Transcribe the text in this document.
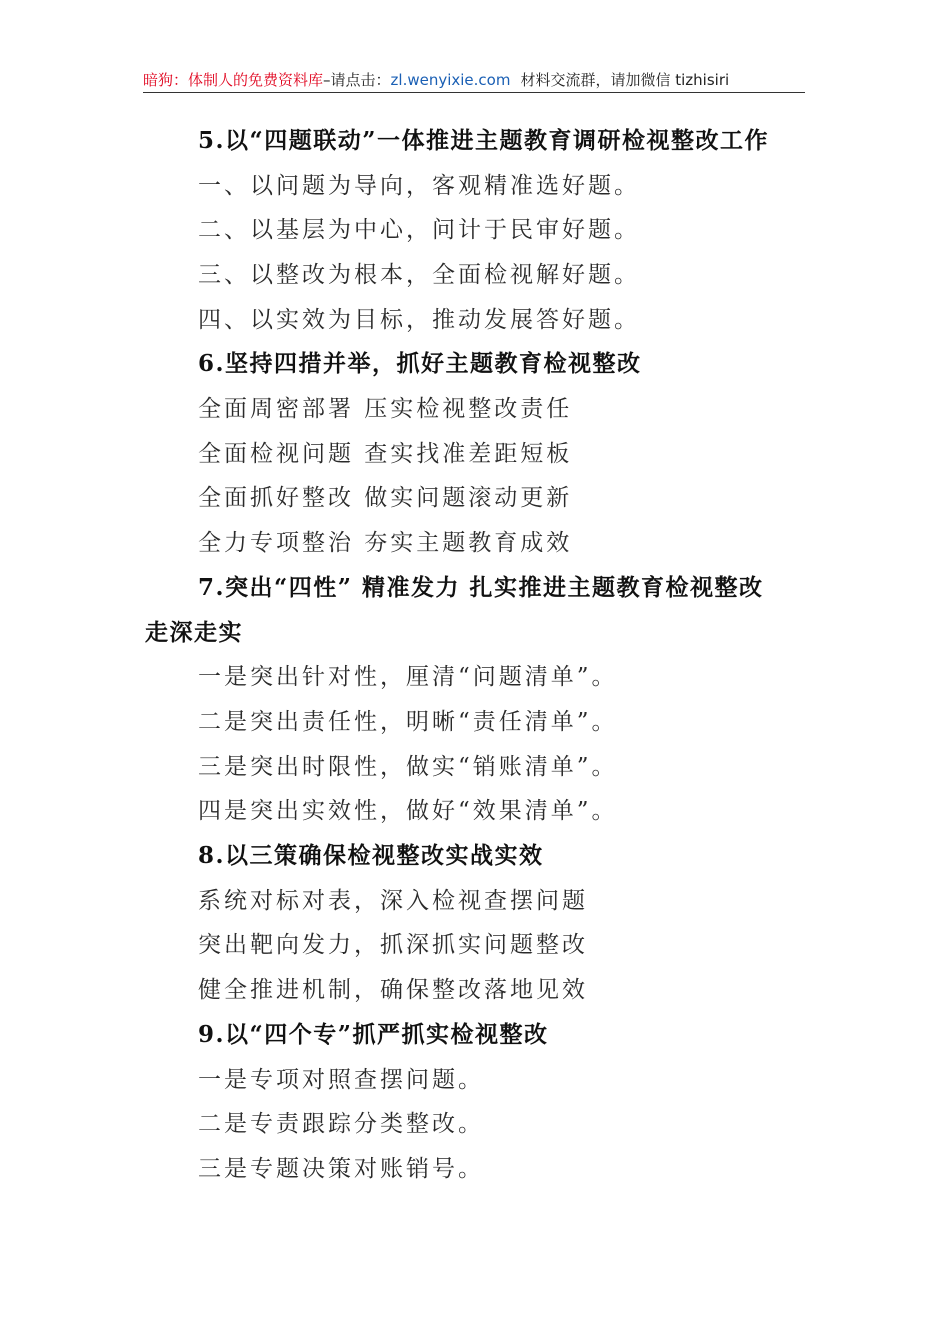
暗狗：体制人的免费资料库–请点击：zl.wenyixie.com 材料交流群，请加微信 tizhisiri
5.以“四题联动”一体推进主题教育调研检视整改工作
一、以问题为导向，客观精准选好题。
二、以基层为中心，问计于民审好题。
三、以整改为根本，全面检视解好题。
四、以实效为目标，推动发展答好题。
6.坚持四措并举，抓好主题教育检视整改
全面周密部署 压实检视整改责任
全面检视问题 查实找准差距短板
全面抓好整改 做实问题滚动更新
全力专项整治 夯实主题教育成效
7.突出“四性” 精准发力 扎实推进主题教育检视整改
走深走实
一是突出针对性，厘清“问题清单”。
二是突出责任性，明晰“责任清单”。
三是突出时限性，做实“销账清单”。
四是突出实效性，做好“效果清单”。
8.以三策确保检视整改实战实效
系统对标对表，深入检视查摆问题
突出靶向发力，抓深抓实问题整改
健全推进机制，确保整改落地见效
9.以“四个专”抓严抓实检视整改
一是专项对照查摆问题。
二是专责跟踪分类整改。
三是专题决策对账销号。
